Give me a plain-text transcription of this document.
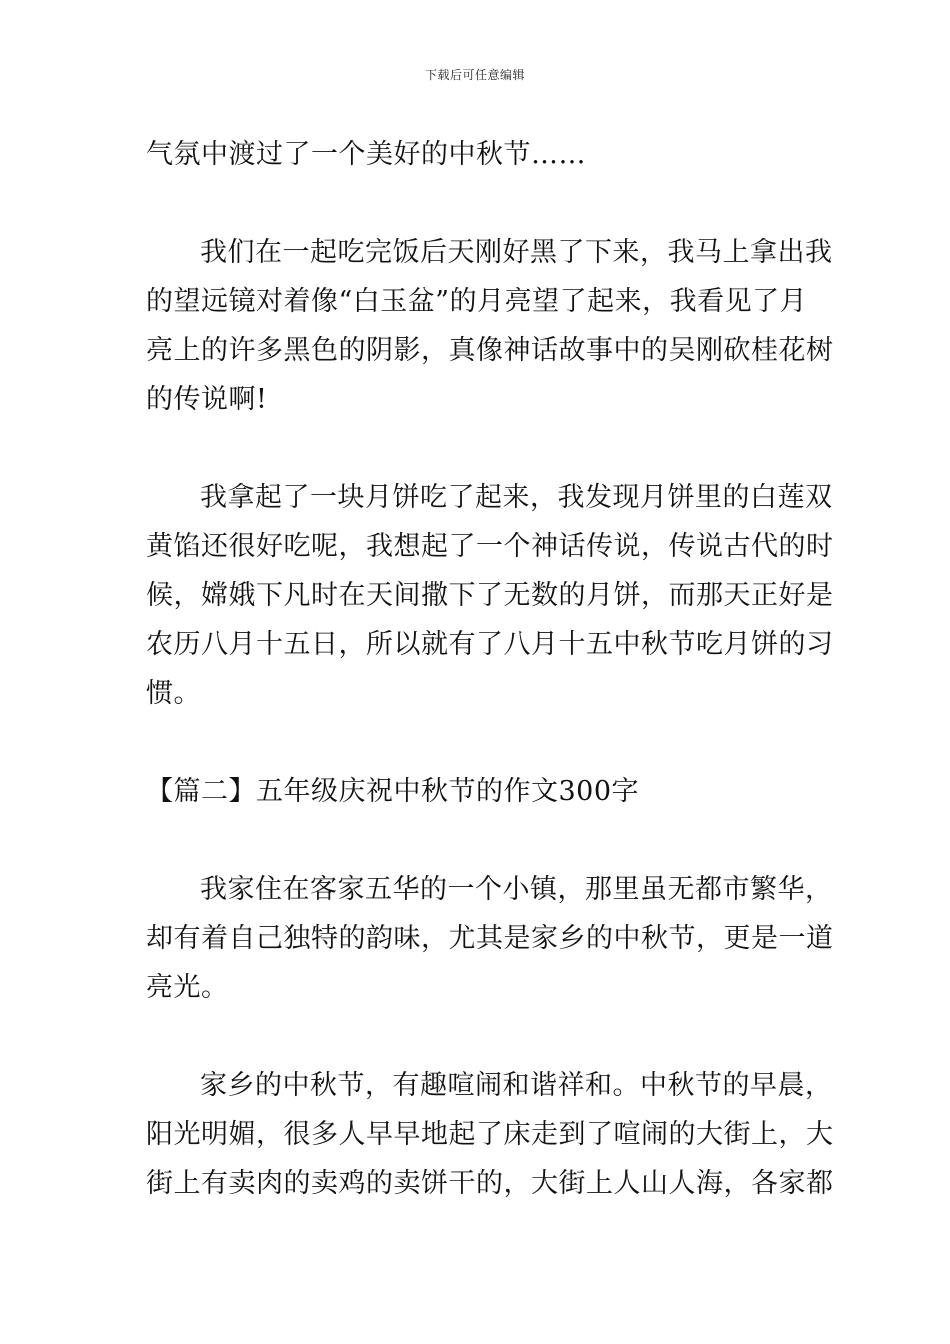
下载后可任意编辑
气氛中渡过了一个美好的中秋节……
我们在一起吃完饭后天刚好黑了下来，我马上拿出我
的望远镜对着像“白玉盆”的月亮望了起来，我看见了月
亮上的许多黑色的阴影，真像神话故事中的吴刚砍桂花树
的传说啊!
我拿起了一块月饼吃了起来，我发现月饼里的白莲双
黄馅还很好吃呢，我想起了一个神话传说，传说古代的时
候，嫦娥下凡时在天间撒下了无数的月饼，而那天正好是
农历八月十五日，所以就有了八月十五中秋节吃月饼的习
惯。
【篇二】五年级庆祝中秋节的作文300字
我家住在客家五华的一个小镇，那里虽无都市繁华，
却有着自己独特的韵味，尤其是家乡的中秋节，更是一道
亮光。
家乡的中秋节，有趣喧闹和谐祥和。中秋节的早晨，
阳光明媚，很多人早早地起了床走到了喧闹的大街上，大
街上有卖肉的卖鸡的卖饼干的，大街上人山人海，各家都
